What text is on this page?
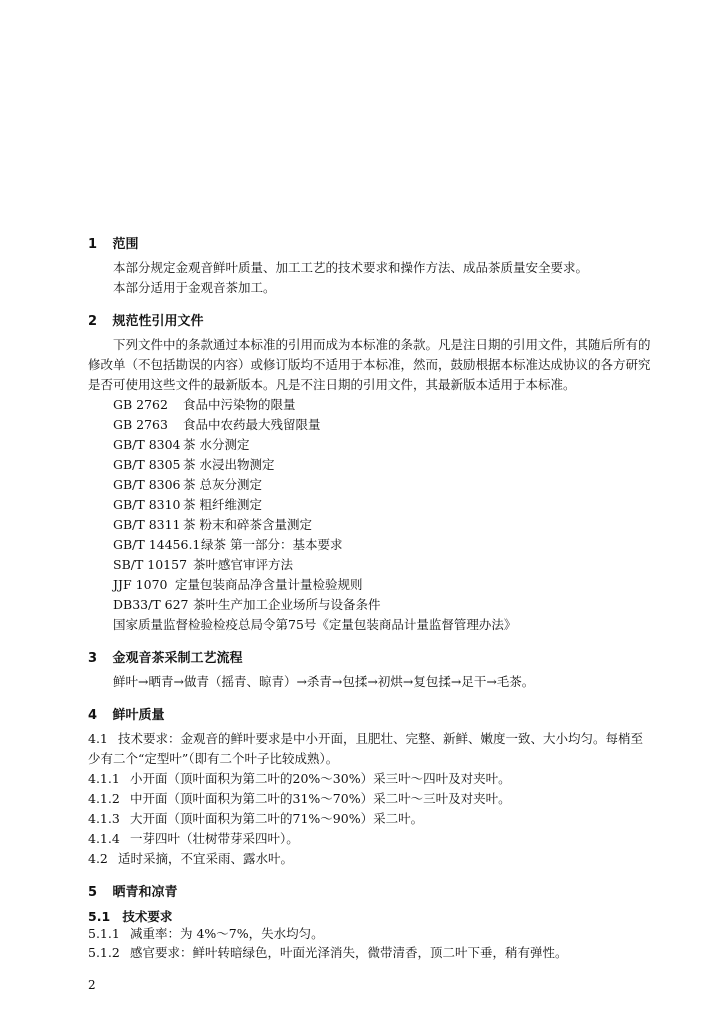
1 范围
本部分规定金观音鲜叶质量、加工工艺的技术要求和操作方法、成品茶质量安全要求。
本部分适用于金观音茶加工。
2 规范性引用文件
下列文件中的条款通过本标准的引用而成为本标准的条款。凡是注日期的引用文件，其随后所有的
修改单（不包括勘误的内容）或修订版均不适用于本标准，然而，鼓励根据本标准达成协议的各方研究
是否可使用这些文件的最新版本。凡是不注日期的引用文件，其最新版本适用于本标准。
GB 2762 食品中污染物的限量
GB 2763 食品中农药最大残留限量
GB/T 8304 茶 水分测定
GB/T 8305 茶 水浸出物测定
GB/T 8306 茶 总灰分测定
GB/T 8310 茶 粗纤维测定
GB/T 8311 茶 粉末和碎茶含量测定
GB/T 14456.1绿茶 第一部分：基本要求
SB/T 10157 茶叶感官审评方法
JJF 1070 定量包装商品净含量计量检验规则
DB33/T 627 茶叶生产加工企业场所与设备条件
国家质量监督检验检疫总局令第75号《定量包装商品计量监督管理办法》
3 金观音茶采制工艺流程
鲜叶→晒青→做青（摇青、晾青）→杀青→包揉→初烘→复包揉→足干→毛茶。
4 鲜叶质量
4.1 技术要求：金观音的鲜叶要求是中小开面，且肥壮、完整、新鲜、嫩度一致、大小均匀。每梢至
少有二个“定型叶”（即有二个叶子比较成熟）。
4.1.1 小开面（顶叶面积为第二叶的20%～30%）采三叶～四叶及对夹叶。
4.1.2 中开面（顶叶面积为第二叶的31%～70%）采二叶～三叶及对夹叶。
4.1.3 大开面（顶叶面积为第二叶的71%～90%）采二叶。
4.1.4 一芽四叶（壮树带芽采四叶）。
4.2 适时采摘，不宜采雨、露水叶。
5 晒青和凉青
5.1 技术要求
5.1.1 减重率：为 4%～7%，失水均匀。
5.1.2 感官要求：鲜叶转暗绿色，叶面光泽消失，微带清香，顶二叶下垂，稍有弹性。
2
